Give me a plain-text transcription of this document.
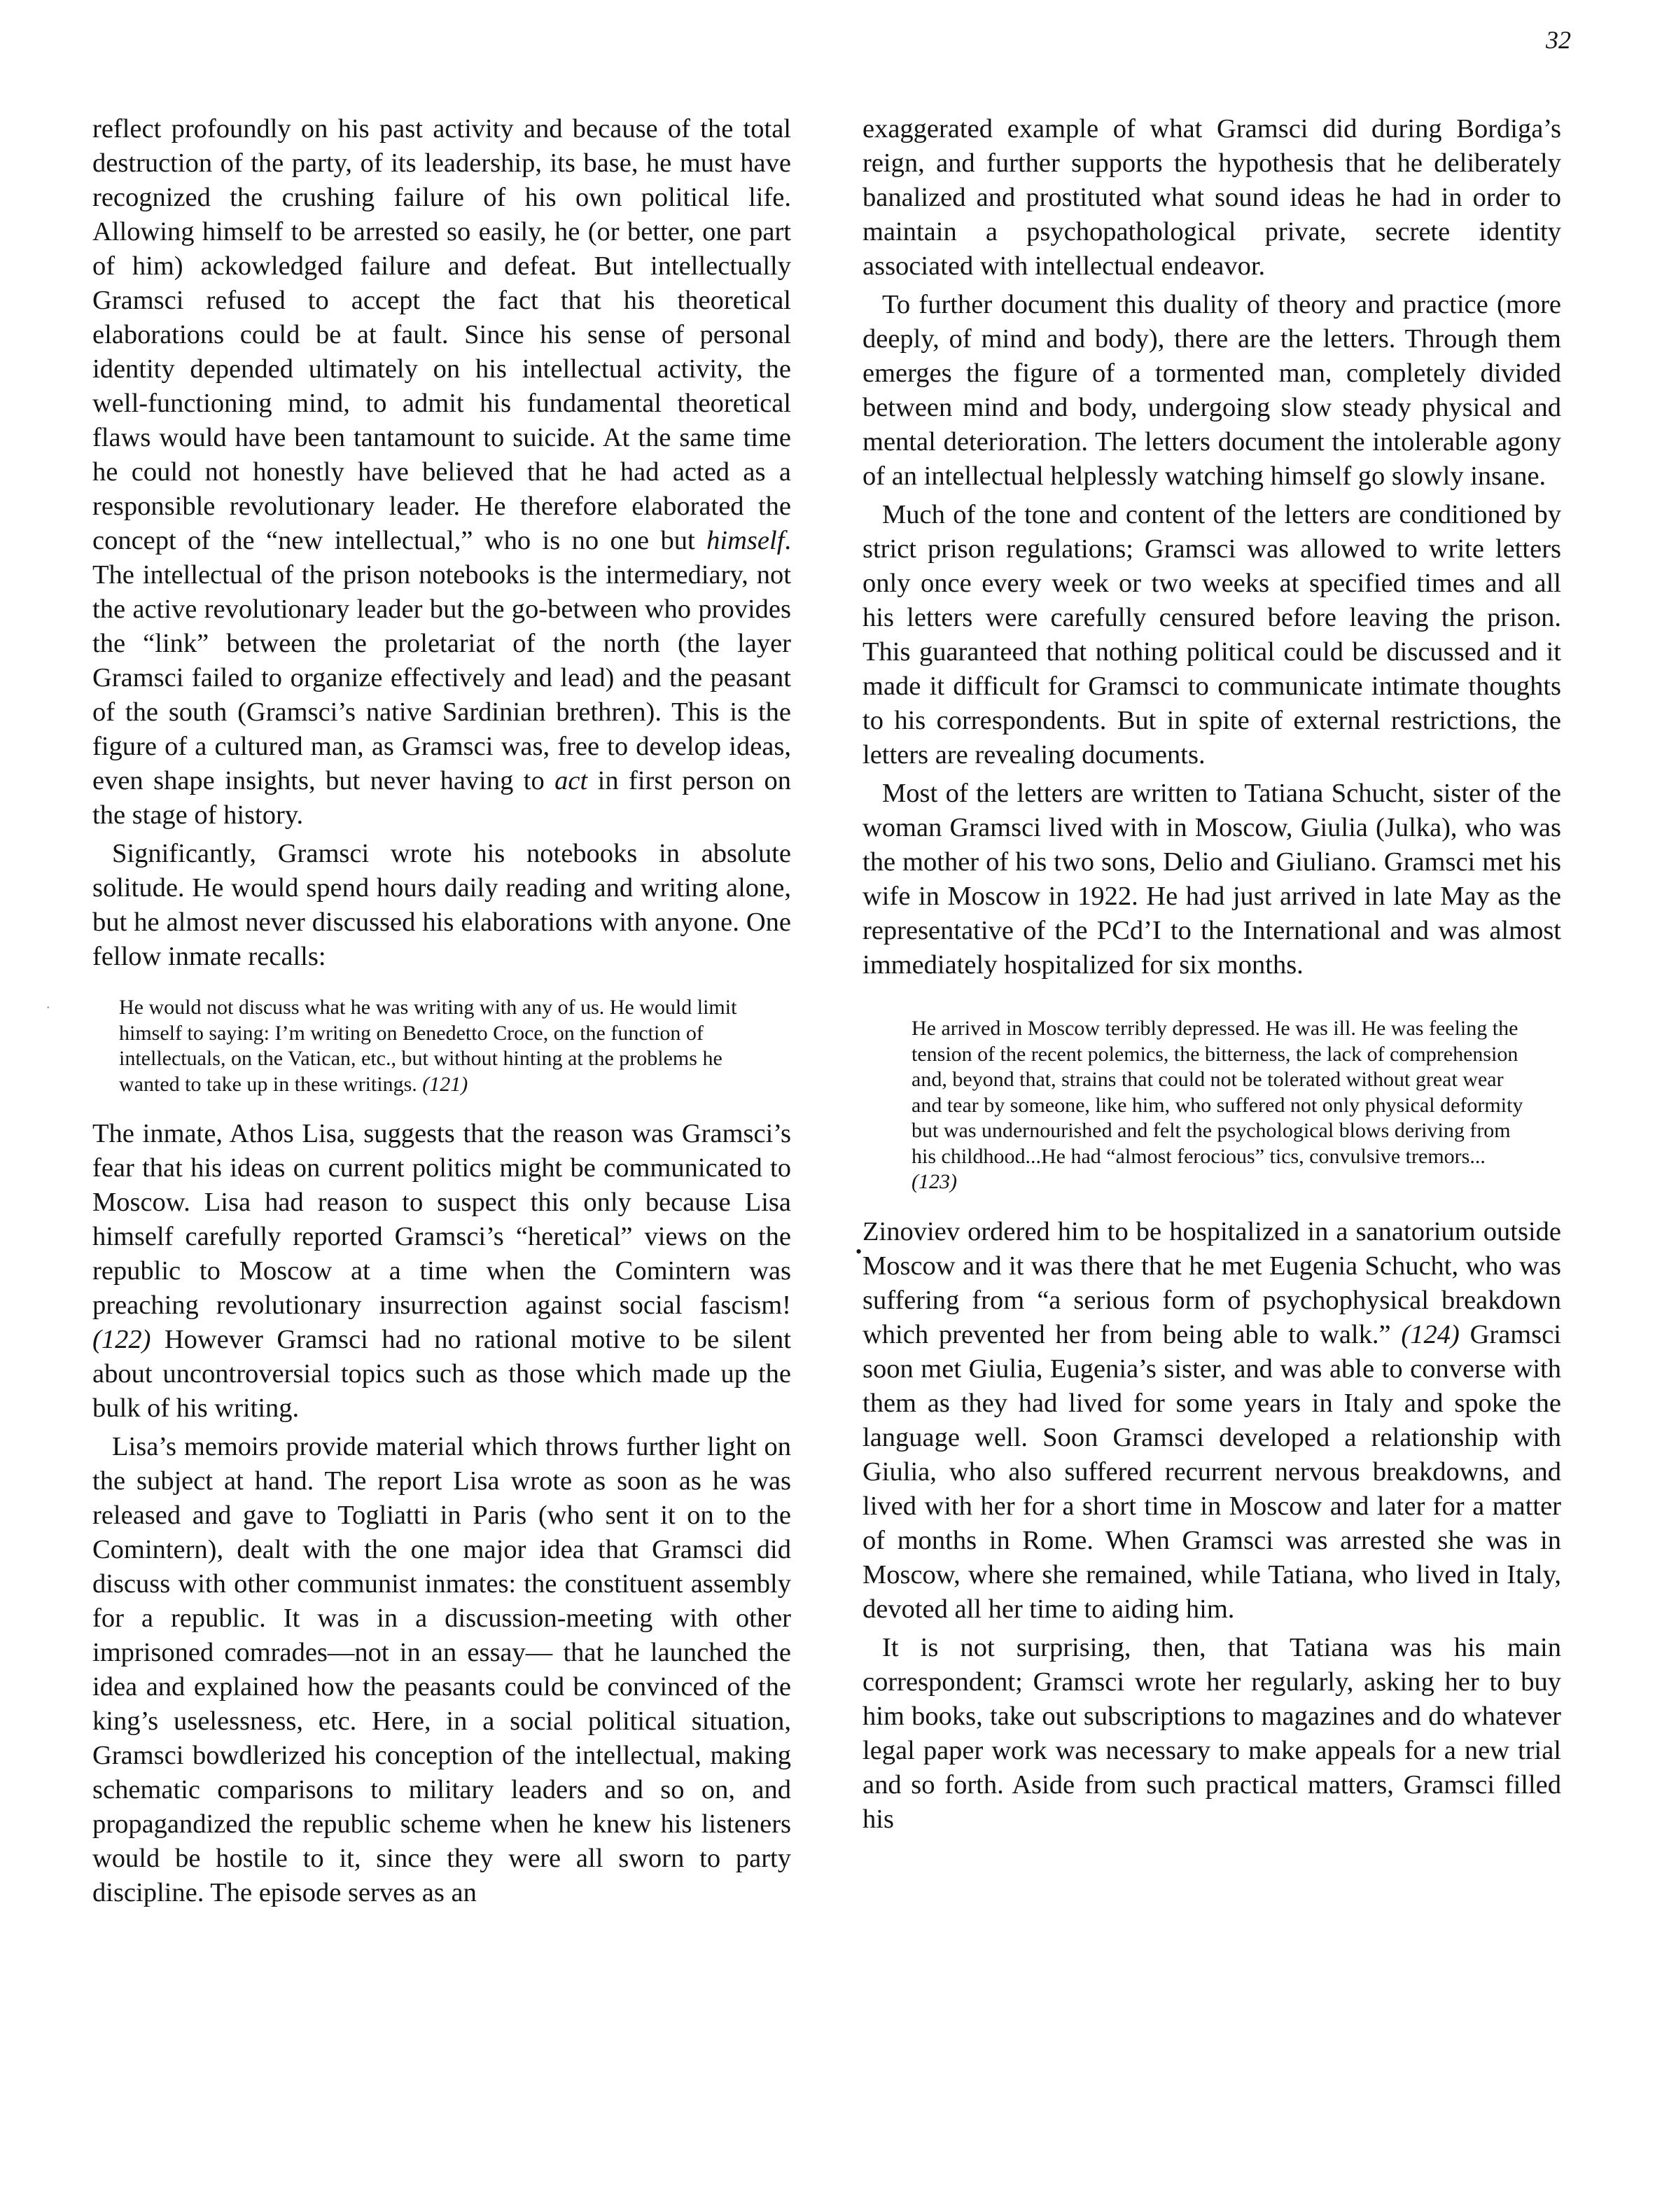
32
.

reflect profoundly on his past activity and because of the total destruction of the party, of its leadership, its base, he must have recognized the crushing failure of his own political life. Allowing himself to be arrested so easily, he (or better, one part of him) ackowledged failure and defeat. But intellectually Gramsci refused to accept the fact that his theoretical elaborations could be at fault. Since his sense of personal identity depended ultimately on his intellectual activity, the well-functioning mind, to admit his fundamental theoretical flaws would have been tantamount to suicide. At the same time he could not honestly have believed that he had acted as a responsible revolutionary leader. He therefore elaborated the concept of the “new intellectual,” who is no one but himself. The intellectual of the prison notebooks is the intermediary, not the active revolutionary leader but the go-between who provides the “link” between the proletariat of the north (the layer Gramsci failed to organize effectively and lead) and the peasant of the south (Gramsci’s native Sardinian brethren). This is the figure of a cultured man, as Gramsci was, free to develop ideas, even shape insights, but never having to act in first person on the stage of history.

Significantly, Gramsci wrote his notebooks in absolute solitude. He would spend hours daily reading and writing alone, but he almost never discussed his elaborations with anyone. One fellow inmate recalls:

He would not discuss what he was writing with any of us. He would limit himself to saying: I’m writing on Benedetto Croce, on the function of intellectuals, on the Vatican, etc., but without hinting at the problems he wanted to take up in these writings. (121)

The inmate, Athos Lisa, suggests that the reason was Gramsci’s fear that his ideas on current politics might be communicated to Moscow. Lisa had reason to suspect this only because Lisa himself carefully reported Gramsci’s “heretical” views on the republic to Moscow at a time when the Comintern was preaching revolutionary insurrection against social fascism! (122) However Gramsci had no rational motive to be silent about uncontroversial topics such as those which made up the bulk of his writing.

Lisa’s memoirs provide material which throws further light on the subject at hand. The report Lisa wrote as soon as he was released and gave to Togliatti in Paris (who sent it on to the Comintern), dealt with the one major idea that Gramsci did discuss with other communist inmates: the constituent assembly for a republic. It was in a discussion-meeting with other imprisoned comrades—not in an essay— that he launched the idea and explained how the peasants could be convinced of the king’s uselessness, etc. Here, in a social political situation, Gramsci bowdlerized his conception of the intellectual, making schematic comparisons to military leaders and so on, and propagandized the republic scheme when he knew his listeners would be hostile to it, since they were all sworn to party discipline. The episode serves as an

•

exaggerated example of what Gramsci did during Bordiga’s reign, and further supports the hypothesis that he deliberately banalized and prostituted what sound ideas he had in order to maintain a psychopathological private, secrete identity associated with intellectual endeavor.

To further document this duality of theory and practice (more deeply, of mind and body), there are the letters. Through them emerges the figure of a tormented man, completely divided between mind and body, undergoing slow steady physical and mental deterioration. The letters document the intolerable agony of an intellectual helplessly watching himself go slowly insane.

Much of the tone and content of the letters are conditioned by strict prison regulations; Gramsci was allowed to write letters only once every week or two weeks at specified times and all his letters were carefully censured before leaving the prison. This guaranteed that nothing political could be discussed and it made it difficult for Gramsci to communicate intimate thoughts to his correspondents. But in spite of external restrictions, the letters are revealing documents.

Most of the letters are written to Tatiana Schucht, sister of the woman Gramsci lived with in Moscow, Giulia (Julka), who was the mother of his two sons, Delio and Giuliano. Gramsci met his wife in Moscow in 1922. He had just arrived in late May as the representative of the PCd’I to the International and was almost immediately hospitalized for six months.

He arrived in Moscow terribly depressed. He was ill. He was feeling the tension of the recent polemics, the bitterness, the lack of comprehension and, beyond that, strains that could not be tolerated without great wear and tear by someone, like him, who suffered not only physical deformity but was undernourished and felt the psychological blows deriving from his childhood...He had “almost ferocious” tics, convulsive tremors... (123)

Zinoviev ordered him to be hospitalized in a sanatorium outside Moscow and it was there that he met Eugenia Schucht, who was suffering from “a serious form of psychophysical breakdown which prevented her from being able to walk.” (124) Gramsci soon met Giulia, Eugenia’s sister, and was able to converse with them as they had lived for some years in Italy and spoke the language well. Soon Gramsci developed a relationship with Giulia, who also suffered recurrent nervous breakdowns, and lived with her for a short time in Moscow and later for a matter of months in Rome. When Gramsci was arrested she was in Moscow, where she remained, while Tatiana, who lived in Italy, devoted all her time to aiding him.

It is not surprising, then, that Tatiana was his main correspondent; Gramsci wrote her regularly, asking her to buy him books, take out subscriptions to magazines and do whatever legal paper work was necessary to make appeals for a new trial and so forth. Aside from such practical matters, Gramsci filled his
